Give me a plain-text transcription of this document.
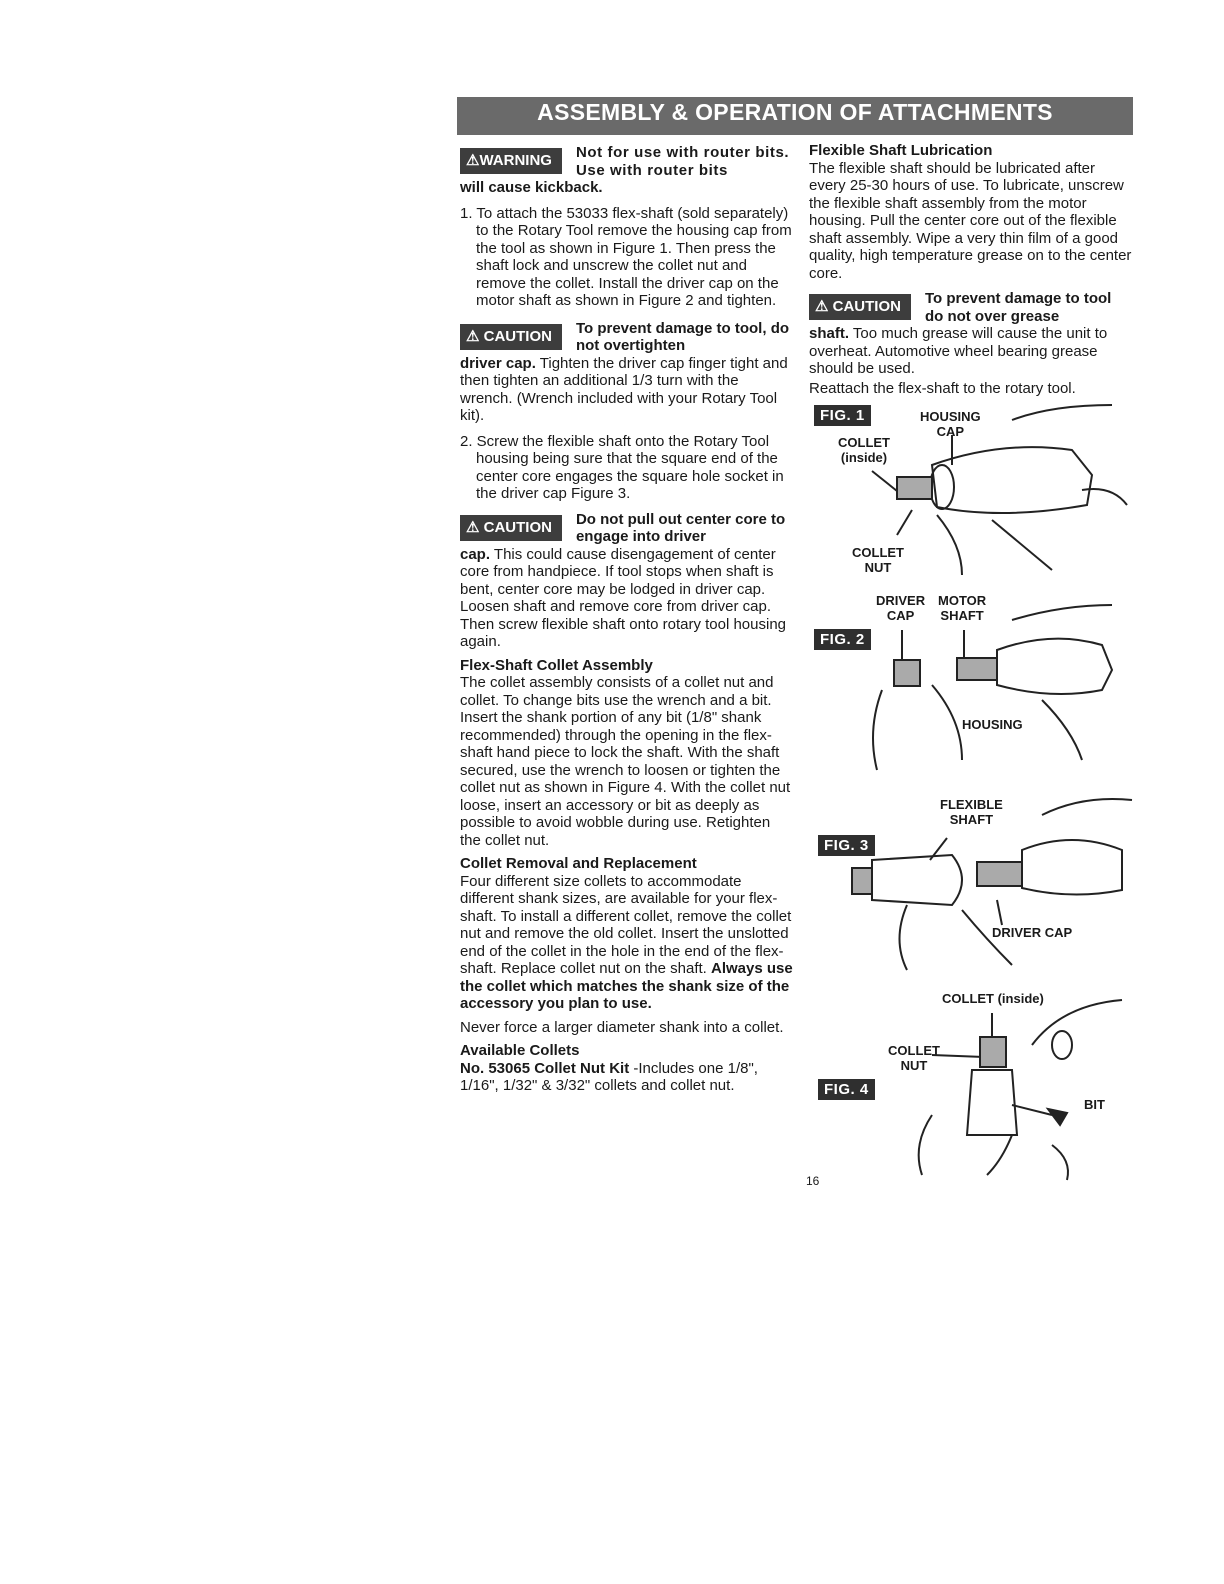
ASSEMBLY & OPERATION OF ATTACHMENTS
⚠WARNING	Not for use with router bits. Use with router bits
will cause kickback.

1. To attach the 53033 flex-shaft (sold separately) to the Rotary Tool remove the housing cap from the tool as shown in Figure 1. Then press the shaft lock and unscrew the collet nut and remove the collet. Install the driver cap on the motor shaft as shown in Figure 2 and tighten.

⚠ CAUTION	To prevent damage to tool, do not overtighten
driver cap. Tighten the driver cap finger tight and then tighten an additional 1/3 turn with the wrench. (Wrench included with your Rotary Tool kit).

2. Screw the flexible shaft onto the Rotary Tool housing being sure that the square end of the center core engages the square hole socket in the driver cap Figure 3.

⚠ CAUTION	Do not pull out center core to engage into driver
cap. This could cause disengagement of center core from handpiece. If tool stops when shaft is bent, center core may be lodged in driver cap. Loosen shaft and remove core from driver cap. Then screw flexible shaft onto rotary tool housing again.
Flex-Shaft Collet Assembly

The collet assembly consists of a collet nut and collet. To change bits use the wrench and a bit. Insert the shank portion of any bit (1/8" shank recommended) through the opening in the flex-shaft hand piece to lock the shaft. With the shaft secured, use the wrench to loosen or tighten the collet nut as shown in Figure 4. With the collet nut loose, insert an accessory or bit as deeply as possible to avoid wobble during use. Retighten the collet nut.

Collet Removal and Replacement

Four different size collets to accommodate different shank sizes, are available for your flex-shaft. To install a different collet, remove the collet nut and remove the old collet. Insert the unslotted end of the collet in the hole in the end of the flex-shaft. Replace collet nut on the shaft. Always use the collet which matches the shank size of the accessory you plan to use.

Never force a larger diameter shank into a collet.

Available Collets

No. 53065 Collet Nut Kit -Includes one 1/8", 1/16", 1/32" & 3/32" collets and collet nut.

Flexible Shaft Lubrication

The flexible shaft should be lubricated after every 25-30 hours of use. To lubricate, unscrew the flexible shaft assembly from the motor housing. Pull the center core out of the flexible shaft assembly. Wipe a very thin film of a good quality, high temperature grease on to the center core.

⚠ CAUTION	To prevent damage to tool do not over grease
shaft. Too much grease will cause the unit to overheat. Automotive wheel bearing grease should be used.

Reattach the flex-shaft to the rotary tool.

FIG. 1	HOUSING
CAP
COLLET
(inside)
COLLET
NUT
DRIVER
CAP
MOTOR
SHAFT
FIG. 2
HOUSING
FLEXIBLE
SHAFT
FIG. 3
DRIVER CAP
COLLET (inside)
COLLET
NUT
FIG. 4
BIT
16
